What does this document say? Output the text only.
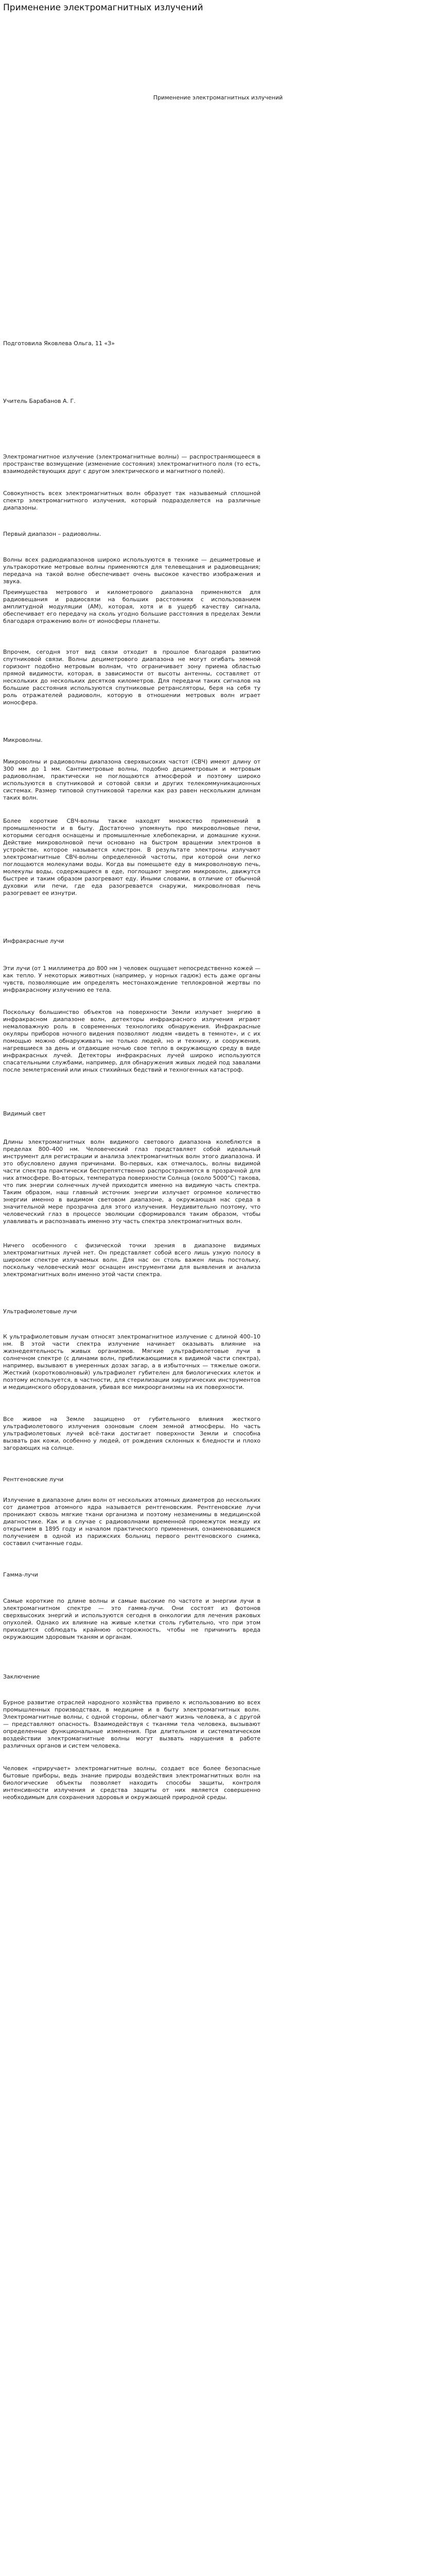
Применение электромагнитных излучений
Применение электромагнитных излучений
Подготовила Яковлева Ольга, 11 «З»
Учитель Барабанов А. Г.

Электромагнитное излучение (электромагнитные волны) — распространяющееся в пространстве возмущение (изменение состояния) электромагнитного поля (то есть, взаимодействующих друг с другом электрического и магнитного полей).

Совокупность всех электромагнитных волн образует так называемый сплошной спектр электромагнитного излучения, который подразделяется на различные диапазоны.

Первый диапазон – радиоволны.

Волны всех радиодиапазонов широко используются в технике — дециметровые и ультракороткие метровые волны применяются для телевещания и радиовещания; передача на такой волне обеспечивает очень высокое качество изображения и звука.

Преимущества метрового и километрового диапазона применяются для радиовещания и радиосвязи на больших расстояниях с использованием амплитудной модуляции (АМ), которая, хотя и в ущерб качеству сигнала, обеспечивает его передачу на сколь угодно большие расстояния в пределах Земли благодаря отражению волн от ионосферы планеты.

Впрочем, сегодня этот вид связи отходит в прошлое благодаря развитию спутниковой связи. Волны дециметрового диапазона не могут огибать земной горизонт подобно метровым волнам, что ограничивает зону приема областью прямой видимости, которая, в зависимости от высоты антенны, составляет от нескольких до нескольких десятков километров. Для передачи таких сигналов на большие расстояния используются спутниковые ретрансляторы, беря на себя ту роль отражателей радиоволн, которую в отношении метровых волн играет ионосфера.

Микроволны.

Микроволны и радиоволны диапазона сверхвысоких частот (СВЧ) имеют длину от 300 мм до 1 мм. Сантиметровые волны, подобно дециметровым и метровым радиоволнам, практически не поглощаются атмосферой и поэтому широко используются в спутниковой и сотовой связи и других телекоммуникационных системах. Размер типовой спутниковой тарелки как раз равен нескольким длинам таких волн.

Более короткие СВЧ-волны также находят множество применений в промышленности и в быту. Достаточно упомянуть про микроволновые печи, которыми сегодня оснащены и промышленные хлебопекарни, и домашние кухни. Действие микроволновой печи основано на быстром вращении электронов в устройстве, которое называется клистрон. В результате электроны излучают электромагнитные СВЧ-волны определенной частоты, при которой они легко поглощаются молекулами воды. Когда вы помещаете еду в микроволновую печь, молекулы воды, содержащиеся в еде, поглощают энергию микроволн, движутся быстрее и таким образом разогревают еду. Иными словами, в отличие от обычной духовки или печи, где еда разогревается снаружи, микроволновая печь разогревает ее изнутри.

Инфракрасные лучи

Эти лучи (от 1 миллиметра до 800 нм ) человек ощущает непосредственно кожей — как тепло. У некоторых животных (например, у норных гадюк) есть даже органы чувств, позволяющие им определять местонахождение теплокровной жертвы по инфракрасному излучению ее тела.

Поскольку большинство объектов на поверхности Земли излучает энергию в инфракрасном диапазоне волн, детекторы инфракрасного излучения играют немаловажную роль в современных технологиях обнаружения. Инфракрасные окуляры приборов ночного видения позволяют людям «видеть в темноте», и с их помощью можно обнаруживать не только людей, но и технику, и сооружения, нагревшиеся за день и отдающие ночью свое тепло в окружающую среду в виде инфракрасных лучей. Детекторы инфракрасных лучей широко используются спасательными службами, например, для обнаружения живых людей под завалами после землетрясений или иных стихийных бедствий и техногенных катастроф.

Видимый свет

Длины электромагнитных волн видимого светового диапазона колеблются в пределах 800–400 нм. Человеческий глаз представляет собой идеальный инструмент для регистрации и анализа электромагнитных волн этого диапазона. И это обусловлено двумя причинами. Во-первых, как отмечалось, волны видимой части спектра практически беспрепятственно распространяются в прозрачной для них атмосфере. Во-вторых, температура поверхности Солнца (около 5000°C) такова, что пик энергии солнечных лучей приходится именно на видимую часть спектра. Таким образом, наш главный источник энергии излучает огромное количество энергии именно в видимом световом диапазоне, а окружающая нас среда в значительной мере прозрачна для этого излучения. Неудивительно поэтому, что человеческий глаз в процессе эволюции сформировался таким образом, чтобы улавливать и распознавать именно эту часть спектра электромагнитных волн.

Ничего особенного с физической точки зрения в диапазоне видимых электромагнитных лучей нет. Он представляет собой всего лишь узкую полосу в широком спектре излучаемых волн. Для нас он столь важен лишь постольку, поскольку человеческий мозг оснащен инструментами для выявления и анализа электромагнитных волн именно этой части спектра.

Ультрафиолетовые лучи

К ультрафиолетовым лучам относят электромагнитное излучение с длиной 400–10 нм. В этой части спектра излучение начинает оказывать влияние на жизнедеятельность живых организмов. Мягкие ультрафиолетовые лучи в солнечном спектре (с длинами волн, приближающимися к видимой части спектра), например, вызывают в умеренных дозах загар, а в избыточных — тяжелые ожоги. Жесткий (коротковолновый) ультрафиолет губителен для биологических клеток и поэтому используется, в частности, для стерилизации хирургических инструментов и медицинского оборудования, убивая все микроорганизмы на их поверхности.

Все живое на Земле защищено от губительного влияния жесткого ультрафиолетового излучения озоновым слоем земной атмосферы. Но часть ультрафиолетовых лучей всё-таки достигает поверхности Земли и способна вызвать рак кожи, особенно у людей, от рождения склонных к бледности и плохо загорающих на солнце.

Рентгеновские лучи

Излучение в диапазоне длин волн от нескольких атомных диаметров до нескольких сот диаметров атомного ядра называется рентгеновским. Рентгеновские лучи проникают сквозь мягкие ткани организма и поэтому незаменимы в медицинской диагностике. Как и в случае с радиоволнами временной промежуток между их открытием в 1895 году и началом практического применения, ознаменовавшимся получением в одной из парижских больниц первого рентгеновского снимка, составил считанные годы.

Гамма-лучи

Самые короткие по длине волны и самые высокие по частоте и энергии лучи в электромагнитном спектре — это гамма-лучи. Они состоят из фотонов сверхвысоких энергий и используются сегодня в онкологии для лечения раковых опухолей. Однако их влияние на живые клетки столь губительно, что при этом приходится соблюдать крайнюю осторожность, чтобы не причинить вреда окружающим здоровым тканям и органам.

Заключение

Бурное развитие отраслей народного хозяйства привело к использованию во всех промышленных производствах, в медицине и в быту электромагнитных волн. Электромагнитные волны, с одной стороны, облегчают жизнь человека, а с другой — представляют опасность. Взаимодействуя с тканями тела человека, вызывают определенные функциональные изменения. При длительном и систематическом воздействии электромагнитные волны могут вызвать нарушения в работе различных органов и систем человека.

Человек «приручает» электромагнитные волны, создает все более безопасные бытовые приборы, ведь знание природы воздействия электромагнитных волн на биологические объекты позволяет находить способы защиты, контроля интенсивности излучения и средства защиты от них является совершенно необходимым для сохранения здоровья и окружающей природной среды.
